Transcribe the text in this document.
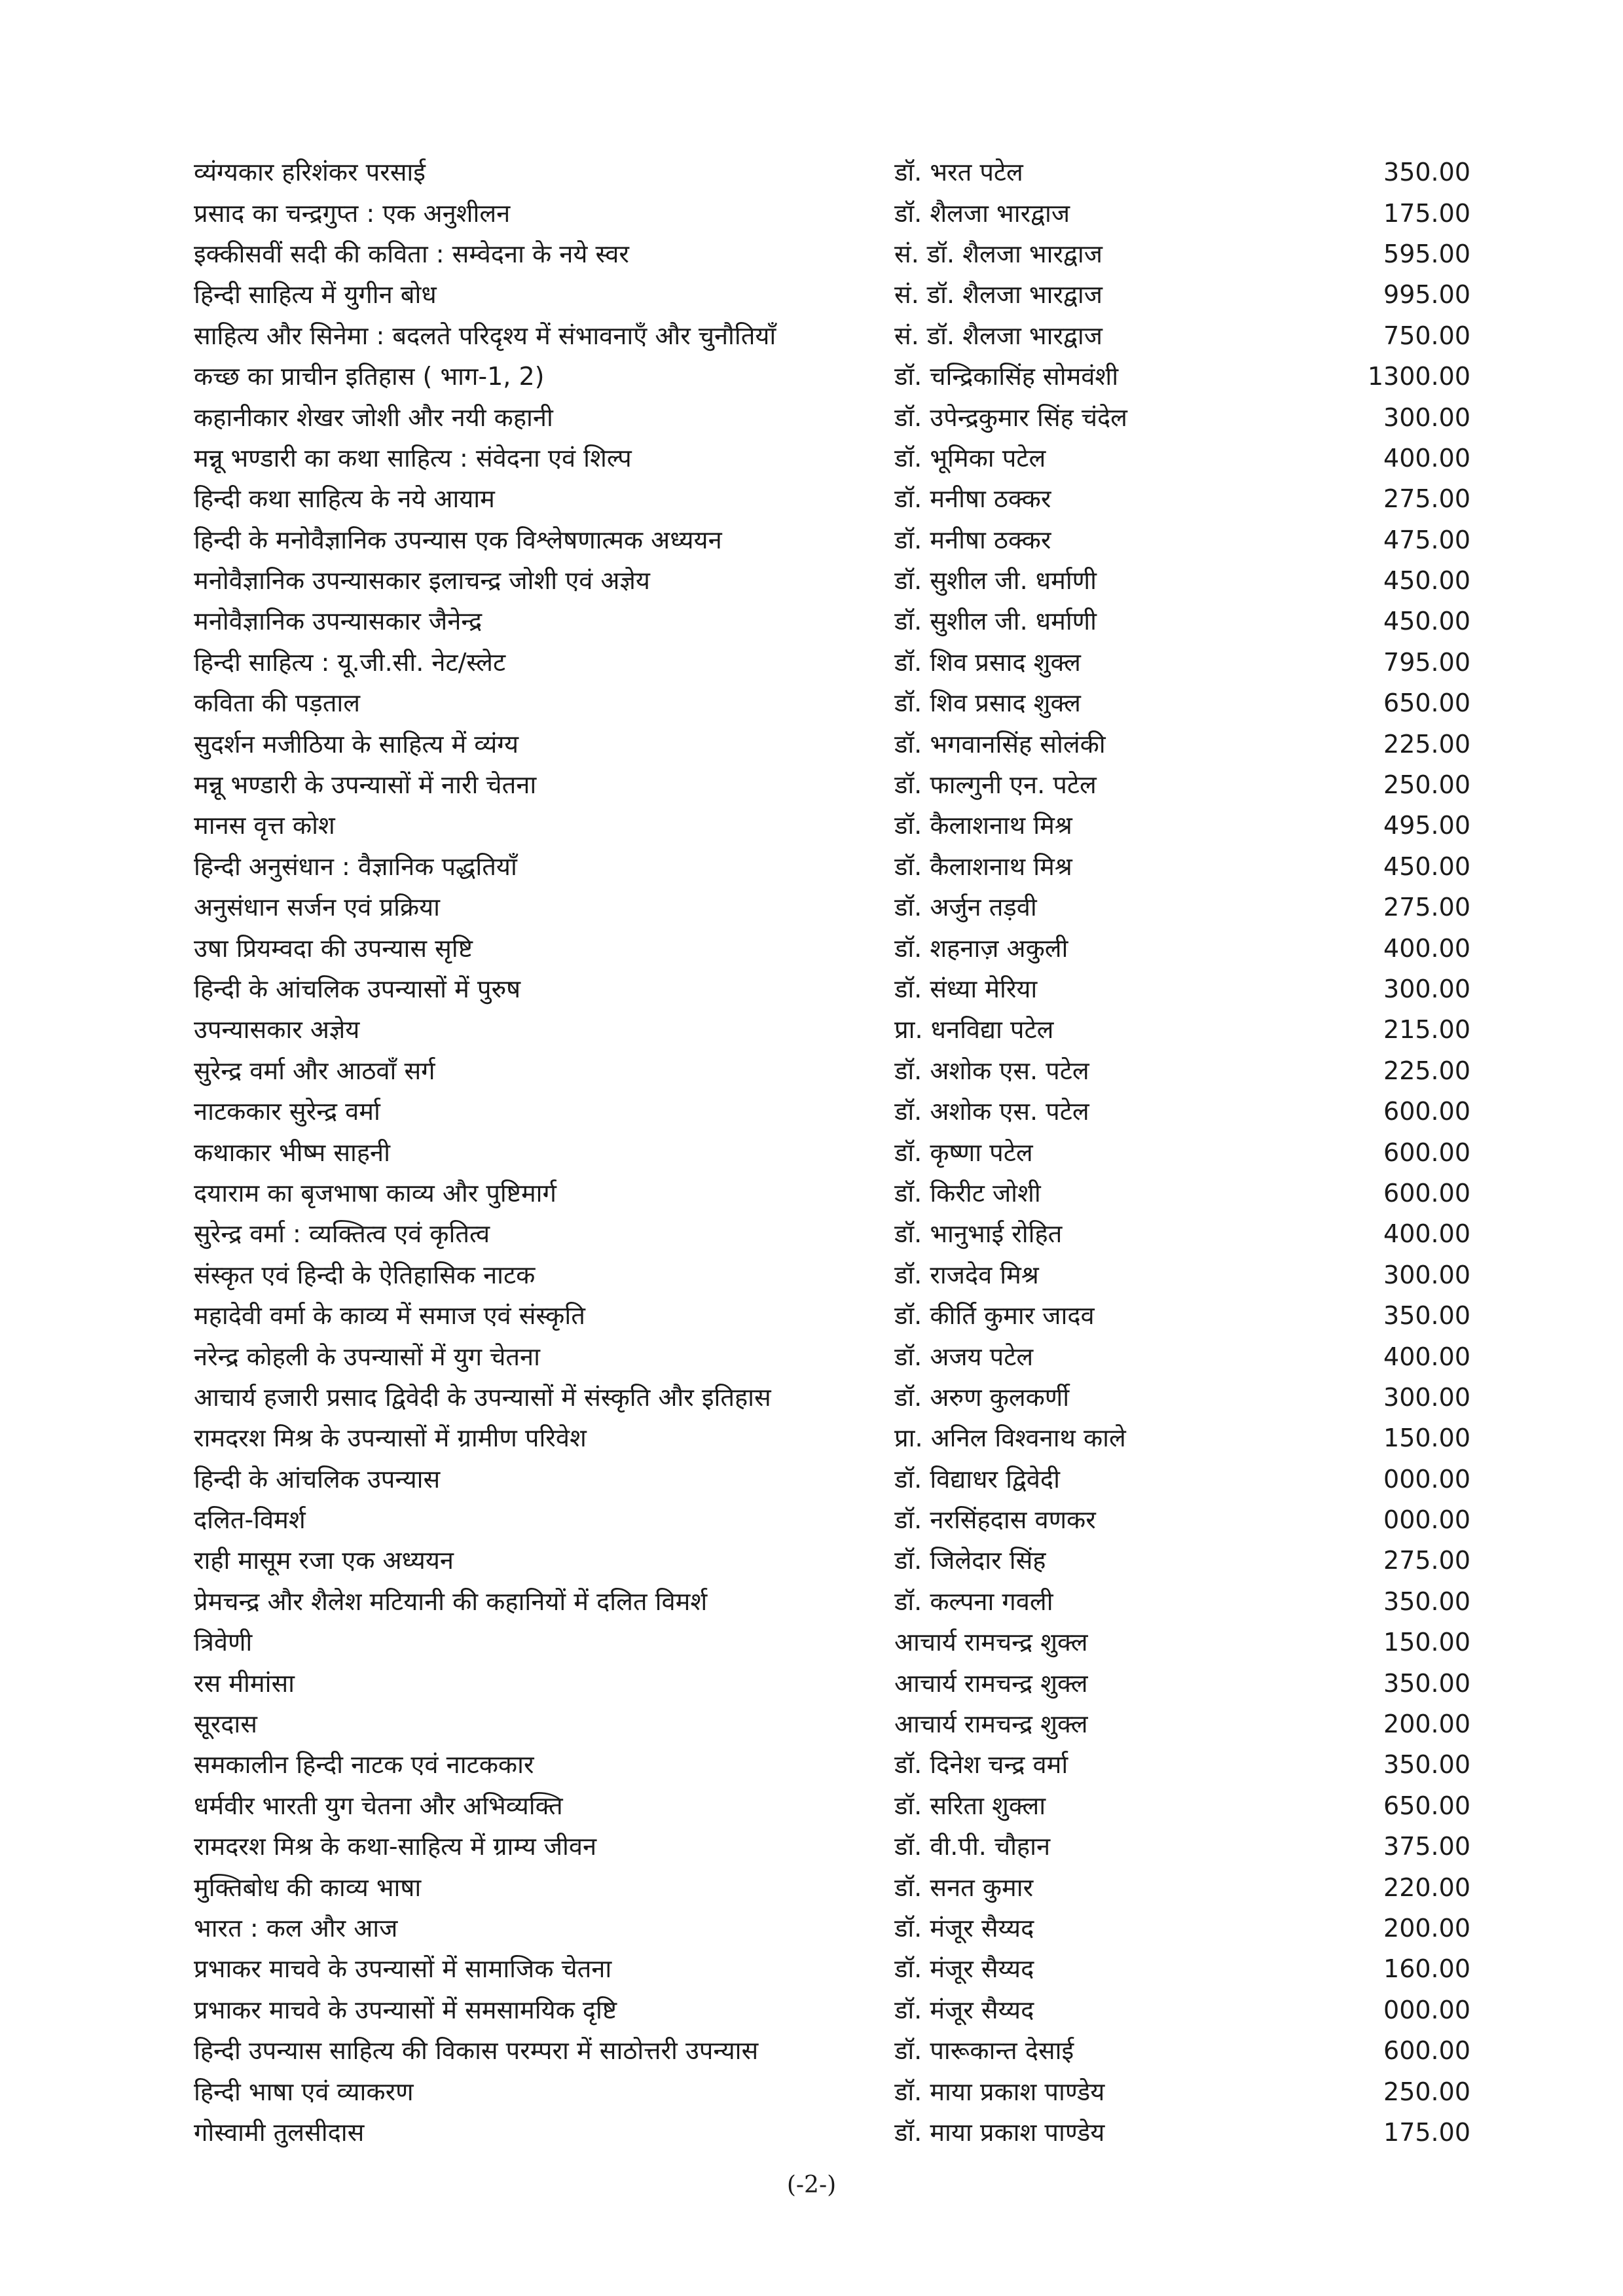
व्यंग्यकार हरिशंकर परसाई	डॉ. भरत पटेल	350.00
प्रसाद का चन्द्रगुप्त : एक अनुशीलन	डॉ. शैलजा भारद्वाज	175.00
इक्कीसवीं सदी की कविता : सम्वेदना के नये स्वर	सं. डॉ. शैलजा भारद्वाज	595.00
हिन्दी साहित्य में युगीन बोध	सं. डॉ. शैलजा भारद्वाज	995.00
साहित्य और सिनेमा : बदलते परिदृश्य में संभावनाएँ और चुनौतियाँ	सं. डॉ. शैलजा भारद्वाज	750.00
कच्छ का प्राचीन इतिहास ( भाग-1, 2)	डॉ. चन्द्रिकासिंह सोमवंशी	1300.00
कहानीकार शेखर जोशी और नयी कहानी	डॉ. उपेन्द्रकुमार सिंह चंदेल	300.00
मन्नू भण्डारी का कथा साहित्य : संवेदना एवं शिल्प	डॉ. भूमिका पटेल	400.00
हिन्दी कथा साहित्य के नये आयाम	डॉ. मनीषा ठक्कर	275.00
हिन्दी के मनोवैज्ञानिक उपन्यास एक विश्लेषणात्मक अध्ययन	डॉ. मनीषा ठक्कर	475.00
मनोवैज्ञानिक उपन्यासकार इलाचन्द्र जोशी एवं अज्ञेय	डॉ. सुशील जी. धर्माणी	450.00
मनोवैज्ञानिक उपन्यासकार जैनेन्द्र	डॉ. सुशील जी. धर्माणी	450.00
हिन्दी साहित्य : यू.जी.सी. नेट/स्लेट	डॉ. शिव प्रसाद शुक्ल	795.00
कविता की पड़ताल	डॉ. शिव प्रसाद शुक्ल	650.00
सुदर्शन मजीठिया के साहित्य में व्यंग्य	डॉ. भगवानसिंह सोलंकी	225.00
मन्नू भण्डारी के उपन्यासों में नारी चेतना	डॉ. फाल्गुनी एन. पटेल	250.00
मानस वृत्त कोश	डॉ. कैलाशनाथ मिश्र	495.00
हिन्दी अनुसंधान : वैज्ञानिक पद्धतियाँ	डॉ. कैलाशनाथ मिश्र	450.00
अनुसंधान सर्जन एवं प्रक्रिया	डॉ. अर्जुन तड़वी	275.00
उषा प्रियम्वदा की उपन्यास सृष्टि	डॉ. शहनाज़ अकुली	400.00
हिन्दी के आंचलिक उपन्यासों में पुरुष	डॉ. संध्या मेरिया	300.00
उपन्यासकार अज्ञेय	प्रा. धनविद्या पटेल	215.00
सुरेन्द्र वर्मा और आठवाँ सर्ग	डॉ. अशोक एस. पटेल	225.00
नाटककार सुरेन्द्र वर्मा	डॉ. अशोक एस. पटेल	600.00
कथाकार भीष्म साहनी	डॉ. कृष्णा पटेल	600.00
दयाराम का बृजभाषा काव्य और पुष्टिमार्ग	डॉ. किरीट जोशी	600.00
सुरेन्द्र वर्मा : व्यक्तित्व एवं कृतित्व	डॉ. भानुभाई रोहित	400.00
संस्कृत एवं हिन्दी के ऐतिहासिक नाटक	डॉ. राजदेव मिश्र	300.00
महादेवी वर्मा के काव्य में समाज एवं संस्कृति	डॉ. कीर्ति कुमार जादव	350.00
नरेन्द्र कोहली के उपन्यासों में युग चेतना	डॉ. अजय पटेल	400.00
आचार्य हजारी प्रसाद द्विवेदी के उपन्यासों में संस्कृति और इतिहास	डॉ. अरुण कुलकर्णी	300.00
रामदरश मिश्र के उपन्यासों में ग्रामीण परिवेश	प्रा. अनिल विश्वनाथ काले	150.00
हिन्दी के आंचलिक उपन्यास	डॉ. विद्याधर द्विवेदी	000.00
दलित-विमर्श	डॉ. नरसिंहदास वणकर	000.00
राही मासूम रजा एक अध्ययन	डॉ. जिलेदार सिंह	275.00
प्रेमचन्द्र और शैलेश मटियानी की कहानियों में दलित विमर्श	डॉ. कल्पना गवली	350.00
त्रिवेणी	आचार्य रामचन्द्र शुक्ल	150.00
रस मीमांसा	आचार्य रामचन्द्र शुक्ल	350.00
सूरदास	आचार्य रामचन्द्र शुक्ल	200.00
समकालीन हिन्दी नाटक एवं नाटककार	डॉ. दिनेश चन्द्र वर्मा	350.00
धर्मवीर भारती युग चेतना और अभिव्यक्ति	डॉ. सरिता शुक्ला	650.00
रामदरश मिश्र के कथा-साहित्य में ग्राम्य जीवन	डॉ. वी.पी. चौहान	375.00
मुक्तिबोध की काव्य भाषा	डॉ. सनत कुमार	220.00
भारत : कल और आज	डॉ. मंजूर सैय्यद	200.00
प्रभाकर माचवे के उपन्यासों में सामाजिक चेतना	डॉ. मंजूर सैय्यद	160.00
प्रभाकर माचवे के उपन्यासों में समसामयिक दृष्टि	डॉ. मंजूर सैय्यद	000.00
हिन्दी उपन्यास साहित्य की विकास परम्परा में साठोत्तरी उपन्यास	डॉ. पारूकान्त देसाई	600.00
हिन्दी भाषा एवं व्याकरण	डॉ. माया प्रकाश पाण्डेय	250.00
गोस्वामी तुलसीदास	डॉ. माया प्रकाश पाण्डेय	175.00
(-2-)
